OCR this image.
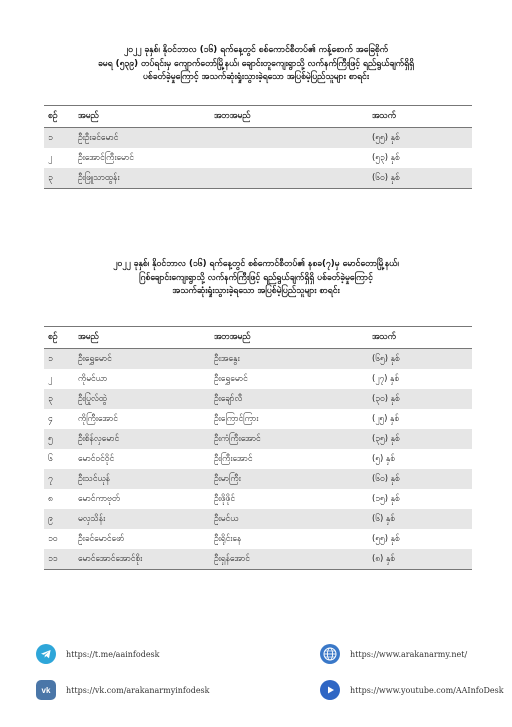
၂၀၂၂ ခုနှစ်၊ နိုဝင်ဘာလ (၁၆) ရက်နေ့တွင် စစ်ကောင်စီတပ်၏ ကန့်စောက် အခြေစိုက်
ခမရ (၅၃၉) တပ်ရင်းမှ ကျောက်တော်မြို့နယ်၊ ချောင်းတူကျေးရွာသို့ လက်နက်ကြီးဖြင့် ရည်ရွယ်ချက်ရှိရှိ
ပစ်ခတ်ခဲ့မှုကြောင့် အသက်ဆုံးရှုံးသွားခဲ့ရသော အပြစ်မဲ့ပြည်သူများ စာရင်း
စဉ်	အမည်	အဘအမည်	အသက်
၁	ဦးဦးခင်မောင်		(၅၅) နှစ်
၂	ဦးအောင်ကြီးမောင်		(၅၃) နှစ်
၃	ဦးဖြူသာထွန်း		(၆၀) နှစ်
၂၀၂၂ ခုနှစ်၊ နိုဝင်ဘာလ (၁၆) ရက်နေ့တွင် စစ်ကောင်စီတပ်၏ နစခ(၇)မှ မောင်တောမြို့နယ်၊
ဂြစ်ချောင်းကျေးရွာသို့ လက်နက်ကြီးဖြင့် ရည်ရွယ်ချက်ရှိရှိ ပစ်ခတ်ခဲ့မှုကြောင့်
အသက်ဆုံးရှုံးသွားခဲ့ရသော အပြစ်မဲ့ပြည်သူများ စာရင်း
စဉ်	အမည်	အဘအမည်	အသက်
၁	ဦးရွှေမောင်	ဦးအနွေး	(၆၅) နှစ်
၂	ကိုမင်ယာ	ဦးရွှေမောင်	(၂၇) နှစ်
၃	ဦးပြုလ်ထွဲ	ဦးချော်လီ	(၃၀) နှစ်
၄	ကိုကြီးအောင်	ဦးကြောင်ကြား	(၂၅) နှစ်
၅	ဦးစိန်လှမောင်	ဦးကံကြီးအောင်	(၃၅) နှစ်
၆	မောင်ဝင်ဝိုင်	ဦးကြီးအောင်	(၅) နှစ်
၇	ဦးသင်ယုန်	ဦးမာကြီး	(၆၀) နှစ်
၈	မောင်ကာဗုတ်	ဦးဖိုဖိုင်	(၁၅) နှစ်
၉	မလှသိန်း	ဦးမင်ယ	(၆) နှစ်
၁၀	ဦးခင်မောင်ဖော်	ဦးရိုင်းနေ	(၅၅) နှစ်
၁၁	မောင်အောင်အောင်စိုး	ဦးရှန်အောင်	(၈) နှစ်
https://t.me/aainfodesk	https://www.arakanarmy.net/
vk https://vk.com/arakanarmyinfodesk	https://www.youtube.com/AAInfoDesk
